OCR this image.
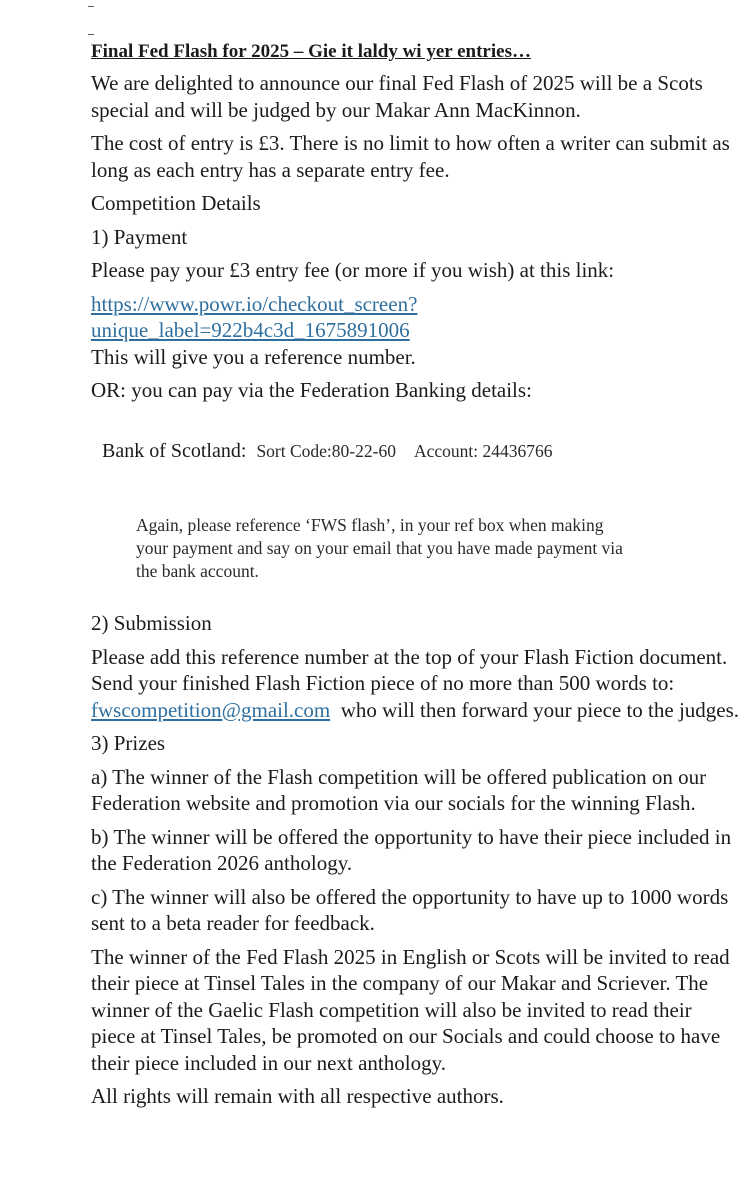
Final Fed Flash for 2025 – Gie it laldy wi yer entries…

We are delighted to announce our final Fed Flash of 2025 will be a Scots special and will be judged by our Makar Ann MacKinnon.

The cost of entry is £3. There is no limit to how often a writer can submit as long as each entry has a separate entry fee.

Competition Details

1) Payment

Please pay your £3 entry fee (or more if you wish) at this link:

https://www.powr.io/checkout_screen?
unique_label=922b4c3d_1675891006

This will give you a reference number.

OR: you can pay via the Federation Banking details:

Bank of Scotland: Sort Code:80-22-60 Account: 24436766

Again, please reference ‘FWS flash’, in your ref box when making your payment and say on your email that you have made payment via the bank account.

2) Submission

Please add this reference number at the top of your Flash Fiction document. Send your finished Flash Fiction piece of no more than 500 words to: fwscompetition@gmail.com  who will then forward your piece to the judges.

3) Prizes

a) The winner of the Flash competition will be offered publication on our Federation website and promotion via our socials for the winning Flash.

b) The winner will be offered the opportunity to have their piece included in the Federation 2026 anthology.

c) The winner will also be offered the opportunity to have up to 1000 words sent to a beta reader for feedback.

The winner of the Fed Flash 2025 in English or Scots will be invited to read their piece at Tinsel Tales in the company of our Makar and Scriever. The winner of the Gaelic Flash competition will also be invited to read their piece at Tinsel Tales, be promoted on our Socials and could choose to have their piece included in our next anthology.

All rights will remain with all respective authors.
